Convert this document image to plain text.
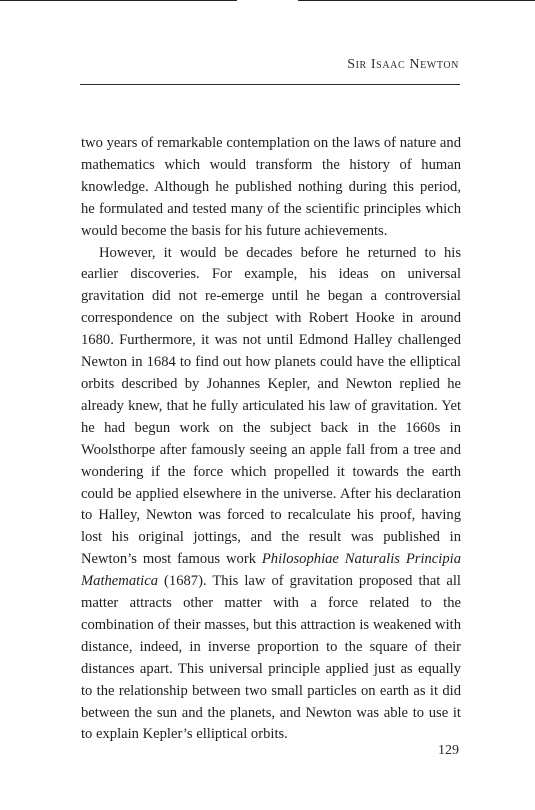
Sir Isaac Newton

two years of remarkable contemplation on the laws of nature and mathematics which would transform the history of human knowledge. Although he published nothing during this period, he formulated and tested many of the scientific principles which would become the basis for his future achievements.

However, it would be decades before he returned to his earlier discoveries. For example, his ideas on universal gravitation did not re-emerge until he began a controversial correspondence on the subject with Robert Hooke in around 1680. Furthermore, it was not until Edmond Halley challenged Newton in 1684 to find out how planets could have the elliptical orbits described by Johannes Kepler, and Newton replied he already knew, that he fully articulated his law of gravitation. Yet he had begun work on the subject back in the 1660s in Woolsthorpe after famously seeing an apple fall from a tree and wondering if the force which propelled it towards the earth could be applied elsewhere in the universe. After his declaration to Halley, Newton was forced to recalculate his proof, having lost his original jottings, and the result was published in Newton’s most famous work Philosophiae Naturalis Principia Mathematica (1687). This law of gravitation proposed that all matter attracts other matter with a force related to the combination of their masses, but this attraction is weakened with distance, indeed, in inverse proportion to the square of their distances apart. This universal principle applied just as equally to the relationship between two small particles on earth as it did between the sun and the planets, and Newton was able to use it to explain Kepler’s elliptical orbits.

129
